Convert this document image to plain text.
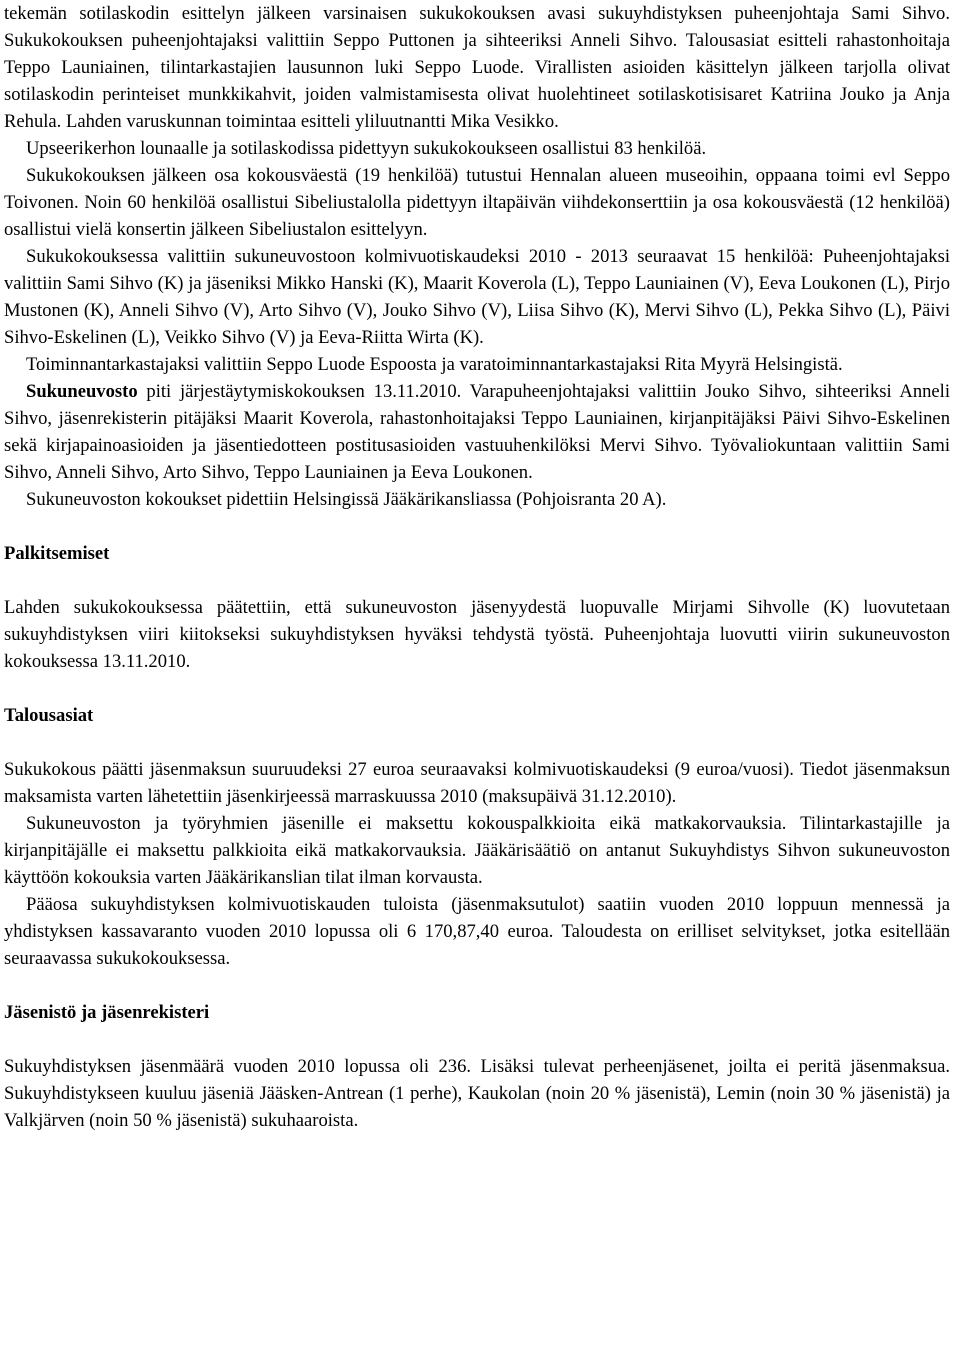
tekemän sotilaskodin esittelyn jälkeen varsinaisen sukukokouksen avasi sukuyhdistyksen puheenjohtaja Sami Sihvo. Sukukokouksen puheenjohtajaksi valittiin Seppo Puttonen ja sihteeriksi Anneli Sihvo. Talousasiat esitteli rahastonhoitaja Teppo Launiainen, tilintarkastajien lausunnon luki Seppo Luode. Virallisten asioiden käsittelyn jälkeen tarjolla olivat sotilaskodin perinteiset munkkikahvit, joiden valmistamisesta olivat huolehtineet sotilaskotisisaret Katriina Jouko ja Anja Rehula. Lahden varuskunnan toimintaa esitteli yliluutnantti Mika Vesikko.

Upseerikerhon lounaalle ja sotilaskodissa pidettyyn sukukokoukseen osallistui 83 henkilöä.

Sukukokouksen jälkeen osa kokousväestä (19 henkilöä) tutustui Hennalan alueen museoihin, oppaana toimi evl Seppo Toivonen. Noin 60 henkilöä osallistui Sibeliustalolla pidettyyn iltapäivän viihdekonserttiin ja osa kokousväestä (12 henkilöä) osallistui vielä konsertin jälkeen Sibeliustalon esittelyyn.

Sukukokouksessa valittiin sukuneuvostoon kolmivuotiskaudeksi 2010 - 2013 seuraavat 15 henkilöä: Puheenjohtajaksi valittiin Sami Sihvo (K) ja jäseniksi Mikko Hanski (K), Maarit Koverola (L), Teppo Launiainen (V), Eeva Loukonen (L), Pirjo Mustonen (K), Anneli Sihvo (V), Arto Sihvo (V), Jouko Sihvo (V), Liisa Sihvo (K), Mervi Sihvo (L), Pekka Sihvo (L), Päivi Sihvo-Eskelinen (L), Veikko Sihvo (V) ja Eeva-Riitta Wirta (K).

Toiminnantarkastajaksi valittiin Seppo Luode Espoosta ja varatoiminnantarkastajaksi Rita Myyrä Helsingistä.

Sukuneuvosto piti järjestäytymiskokouksen 13.11.2010. Varapuheenjohtajaksi valittiin Jouko Sihvo, sihteeriksi Anneli Sihvo, jäsenrekisterin pitäjäksi Maarit Koverola, rahastonhoitajaksi Teppo Launiainen, kirjanpitäjäksi Päivi Sihvo-Eskelinen sekä kirjapainoasioiden ja jäsentiedotteen postitusasioiden vastuuhenkilöksi Mervi Sihvo. Työvaliokuntaan valittiin Sami Sihvo, Anneli Sihvo, Arto Sihvo, Teppo Launiainen ja Eeva Loukonen.

Sukuneuvoston kokoukset pidettiin Helsingissä Jääkärikansliassa (Pohjoisranta 20 A).

Palkitsemiset

Lahden sukukokouksessa päätettiin, että sukuneuvoston jäsenyydestä luopuvalle Mirjami Sihvolle (K) luovutetaan sukuyhdistyksen viiri kiitokseksi sukuyhdistyksen hyväksi tehdystä työstä. Puheenjohtaja luovutti viirin sukuneuvoston kokouksessa 13.11.2010.

Talousasiat

Sukukokous päätti jäsenmaksun suuruudeksi 27 euroa seuraavaksi kolmivuotiskaudeksi (9 euroa/vuosi). Tiedot jäsenmaksun maksamista varten lähetettiin jäsenkirjeessä marraskuussa 2010 (maksupäivä 31.12.2010).

Sukuneuvoston ja työryhmien jäsenille ei maksettu kokouspalkkioita eikä matkakorvauksia. Tilintarkastajille ja kirjanpitäjälle ei maksettu palkkioita eikä matkakorvauksia. Jääkärisäätiö on antanut Sukuyhdistys Sihvon sukuneuvoston käyttöön kokouksia varten Jääkärikanslian tilat ilman korvausta.

Pääosa sukuyhdistyksen kolmivuotiskauden tuloista (jäsenmaksutulot) saatiin vuoden 2010 loppuun mennessä ja yhdistyksen kassavaranto vuoden 2010 lopussa oli 6 170,87,40 euroa. Taloudesta on erilliset selvitykset, jotka esitellään seuraavassa sukukokouksessa.

Jäsenistö ja jäsenrekisteri

Sukuyhdistyksen jäsenmäärä vuoden 2010 lopussa oli 236. Lisäksi tulevat perheenjäsenet, joilta ei peritä jäsenmaksua. Sukuyhdistykseen kuuluu jäseniä Jääsken-Antrean (1 perhe), Kaukolan (noin 20 % jäsenistä), Lemin (noin 30 % jäsenistä) ja Valkjärven (noin 50 % jäsenistä) sukuhaaroista.
